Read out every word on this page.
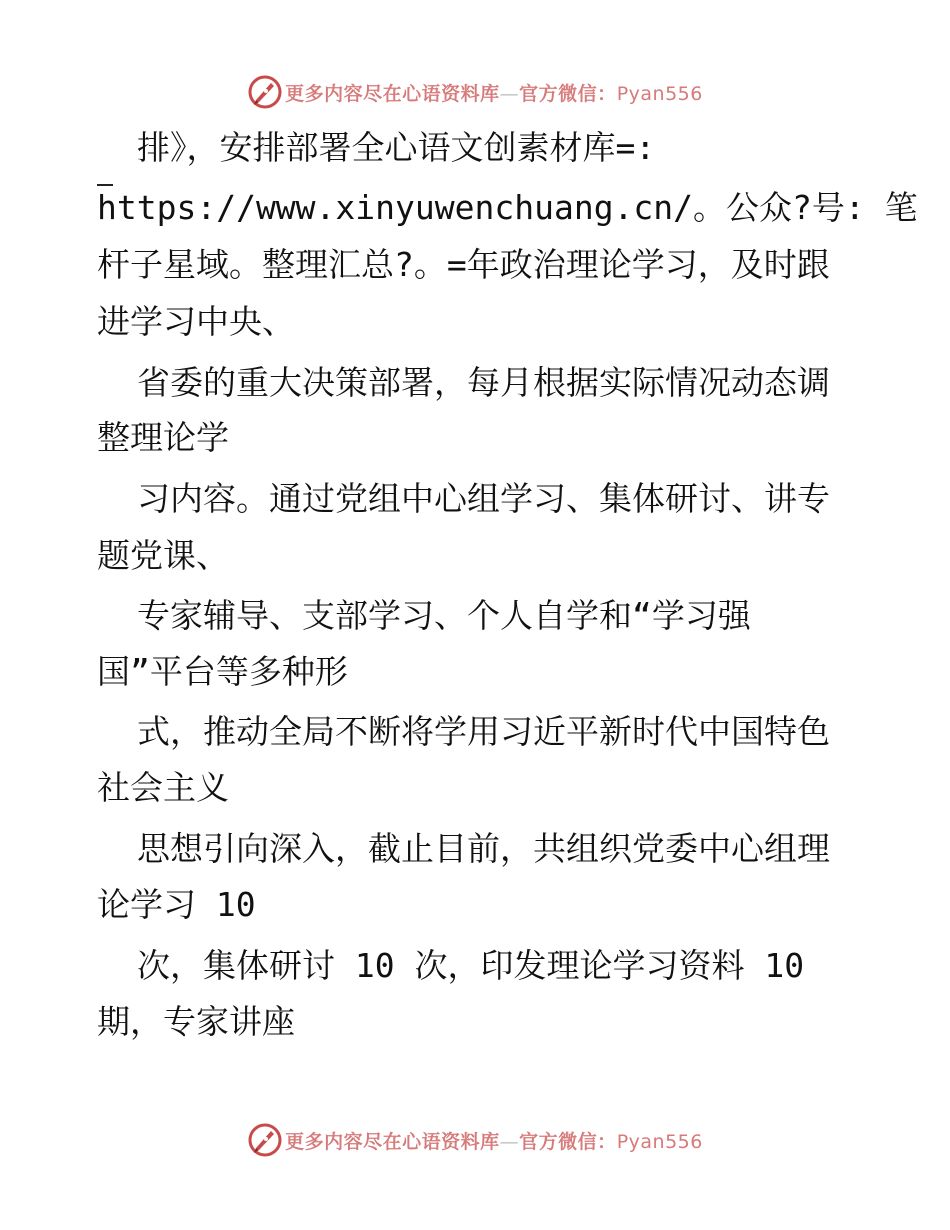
更多内容尽在心语资料库—官方微信：Pyan556
排》，安排部署全心语文创素材库=:
https://www.xinyuwenchuang.cn/。公众?号: 笔
杆子星域。整理汇总?。=年政治理论学习，及时跟
进学习中央、
省委的重大决策部署，每月根据实际情况动态调
整理论学
习内容。通过党组中心组学习、集体研讨、讲专
题党课、
专家辅导、支部学习、个人自学和“学习强
国”平台等多种形
式，推动全局不断将学用习近平新时代中国特色
社会主义
思想引向深入，截止目前，共组织党委中心组理
论学习 10
次，集体研讨 10 次，印发理论学习资料 10
期，专家讲座
更多内容尽在心语资料库—官方微信：Pyan556
